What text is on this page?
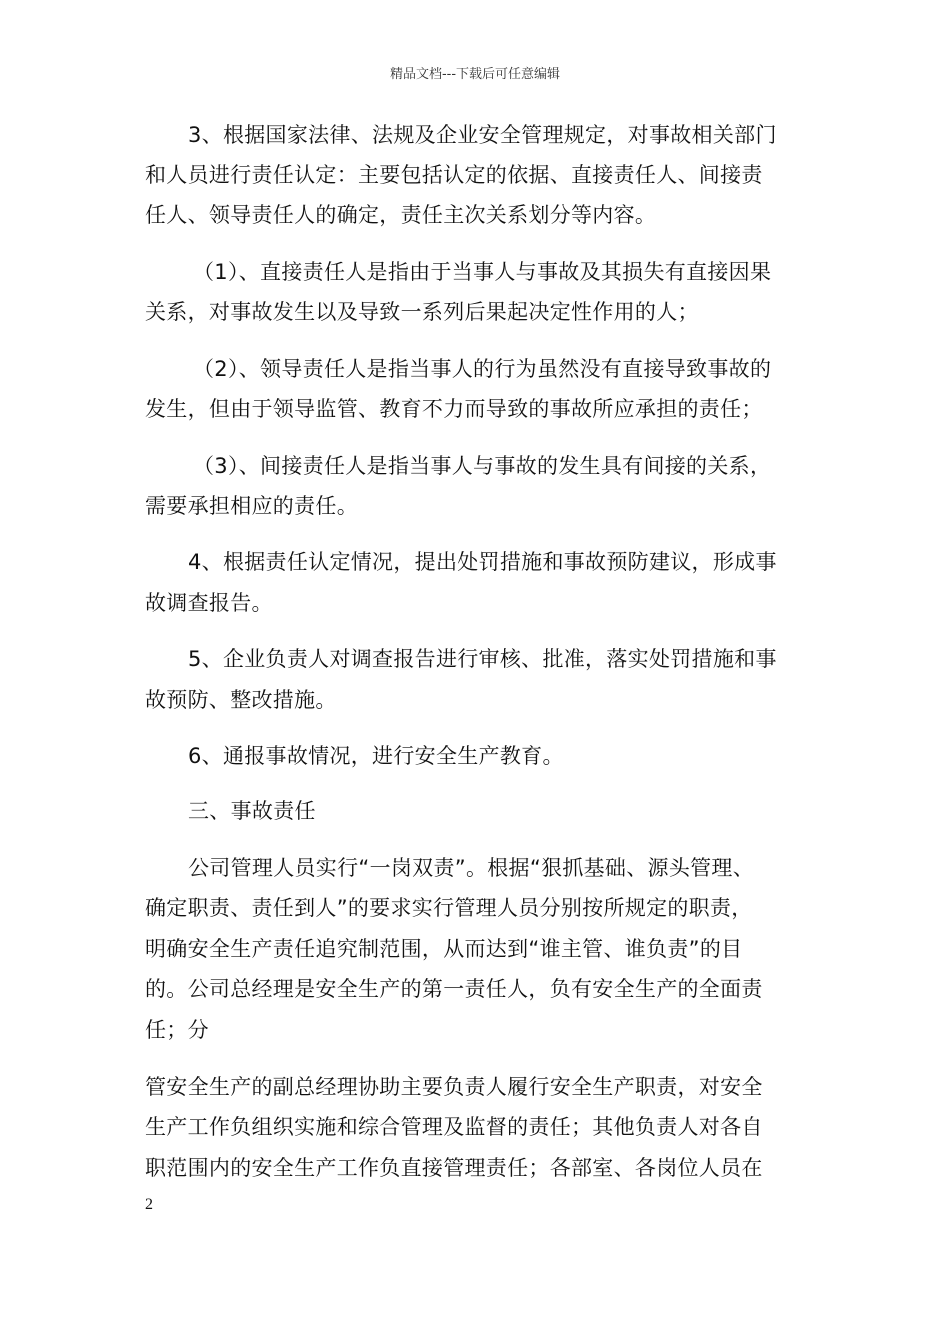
精品文档---下载后可任意编辑
3、根据国家法律、法规及企业安全管理规定，对事故相关部门
和人员进行责任认定：主要包括认定的依据、直接责任人、间接责
任人、领导责任人的确定，责任主次关系划分等内容。
（1）、直接责任人是指由于当事人与事故及其损失有直接因果
关系，对事故发生以及导致一系列后果起决定性作用的人；
（2）、领导责任人是指当事人的行为虽然没有直接导致事故的
发生，但由于领导监管、教育不力而导致的事故所应承担的责任；
（3）、间接责任人是指当事人与事故的发生具有间接的关系，
需要承担相应的责任。
4、根据责任认定情况，提出处罚措施和事故预防建议，形成事
故调查报告。
5、企业负责人对调查报告进行审核、批准，落实处罚措施和事
故预防、整改措施。
6、通报事故情况，进行安全生产教育。
三、事故责任
公司管理人员实行“一岗双责”。根据“狠抓基础、源头管理、
确定职责、责任到人”的要求实行管理人员分别按所规定的职责，
明确安全生产责任追究制范围，从而达到“谁主管、谁负责”的目
的。公司总经理是安全生产的第一责任人，负有安全生产的全面责
任；分
管安全生产的副总经理协助主要负责人履行安全生产职责，对安全
生产工作负组织实施和综合管理及监督的责任；其他负责人对各自
职范围内的安全生产工作负直接管理责任；各部室、各岗位人员在
2
